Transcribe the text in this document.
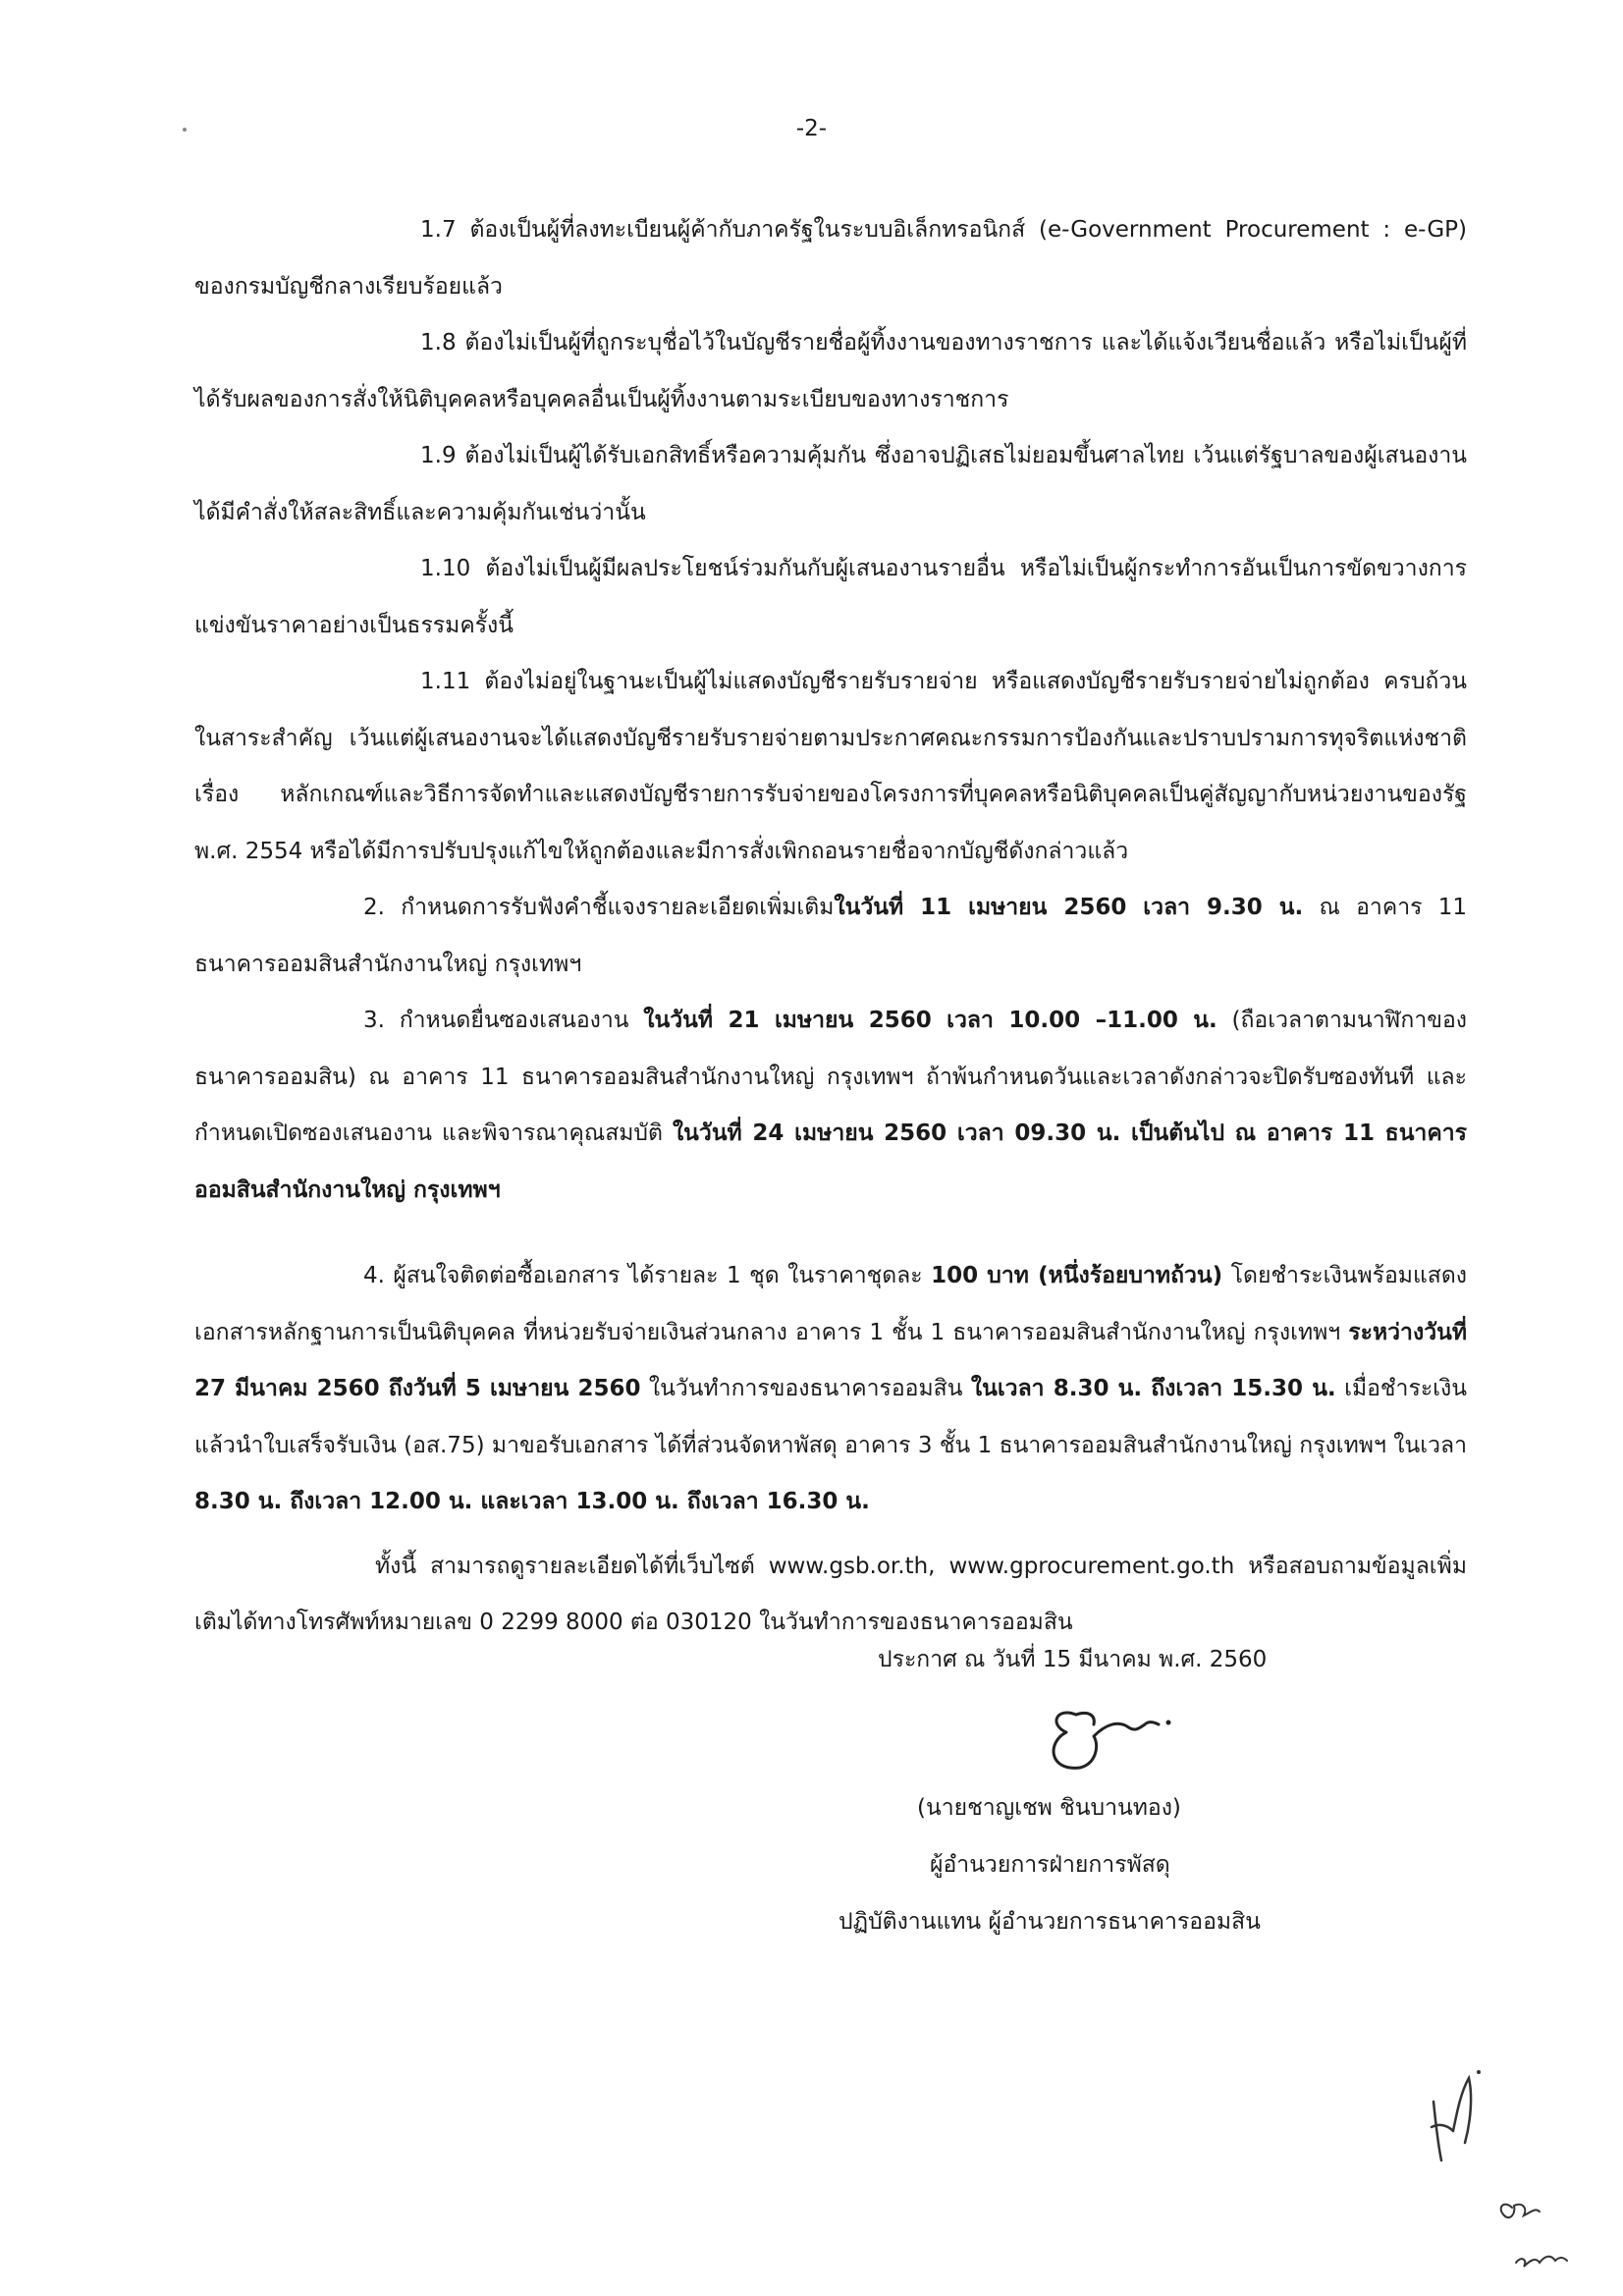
-2-

1.7 ต้องเป็นผู้ที่ลงทะเบียนผู้ค้ากับภาครัฐในระบบอิเล็กทรอนิกส์ (e-Government Procurement : e-GP) ของกรมบัญชีกลางเรียบร้อยแล้ว

1.8 ต้องไม่เป็นผู้ที่ถูกระบุชื่อไว้ในบัญชีรายชื่อผู้ทิ้งงานของทางราชการ และได้แจ้งเวียนชื่อแล้ว หรือไม่เป็นผู้ที่ได้รับผลของการสั่งให้นิติบุคคลหรือบุคคลอื่นเป็นผู้ทิ้งงานตามระเบียบของทางราชการ

1.9 ต้องไม่เป็นผู้ได้รับเอกสิทธิ์หรือความคุ้มกัน ซึ่งอาจปฏิเสธไม่ยอมขึ้นศาลไทย เว้นแต่รัฐบาลของผู้เสนองานได้มีคำสั่งให้สละสิทธิ์และความคุ้มกันเช่นว่านั้น

1.10 ต้องไม่เป็นผู้มีผลประโยชน์ร่วมกันกับผู้เสนองานรายอื่น หรือไม่เป็นผู้กระทำการอันเป็นการขัดขวางการแข่งขันราคาอย่างเป็นธรรมครั้งนี้

1.11 ต้องไม่อยู่ในฐานะเป็นผู้ไม่แสดงบัญชีรายรับรายจ่าย หรือแสดงบัญชีรายรับรายจ่ายไม่ถูกต้อง ครบถ้วนในสาระสำคัญ เว้นแต่ผู้เสนองานจะได้แสดงบัญชีรายรับรายจ่ายตามประกาศคณะกรรมการป้องกันและปราบปรามการทุจริตแห่งชาติ เรื่อง หลักเกณฑ์และวิธีการจัดทำและแสดงบัญชีรายการรับจ่ายของโครงการที่บุคคลหรือนิติบุคคลเป็นคู่สัญญากับหน่วยงานของรัฐ พ.ศ. 2554 หรือได้มีการปรับปรุงแก้ไขให้ถูกต้องและมีการสั่งเพิกถอนรายชื่อจากบัญชีดังกล่าวแล้ว

2. กำหนดการรับฟังคำชี้แจงรายละเอียดเพิ่มเติมในวันที่ 11 เมษายน 2560 เวลา 9.30 น. ณ อาคาร 11 ธนาคารออมสินสำนักงานใหญ่ กรุงเทพฯ

3. กำหนดยื่นซองเสนองาน ในวันที่ 21 เมษายน 2560 เวลา 10.00 –11.00 น. (ถือเวลาตามนาฬิกาของธนาคารออมสิน) ณ อาคาร 11 ธนาคารออมสินสำนักงานใหญ่ กรุงเทพฯ ถ้าพ้นกำหนดวันและเวลาดังกล่าวจะปิดรับซองทันที และกำหนดเปิดซองเสนองาน และพิจารณาคุณสมบัติ ในวันที่ 24 เมษายน 2560 เวลา 09.30 น. เป็นต้นไป ณ อาคาร 11 ธนาคารออมสินสำนักงานใหญ่ กรุงเทพฯ

4. ผู้สนใจติดต่อซื้อเอกสาร ได้รายละ 1 ชุด ในราคาชุดละ 100 บาท (หนึ่งร้อยบาทถ้วน) โดยชำระเงินพร้อมแสดงเอกสารหลักฐานการเป็นนิติบุคคล ที่หน่วยรับจ่ายเงินส่วนกลาง อาคาร 1 ชั้น 1 ธนาคารออมสินสำนักงานใหญ่ กรุงเทพฯ ระหว่างวันที่ 27 มีนาคม 2560 ถึงวันที่ 5 เมษายน 2560 ในวันทำการของธนาคารออมสิน ในเวลา 8.30 น. ถึงเวลา 15.30 น. เมื่อชำระเงินแล้วนำใบเสร็จรับเงิน (อส.75) มาขอรับเอกสาร ได้ที่ส่วนจัดหาพัสดุ อาคาร 3 ชั้น 1 ธนาคารออมสินสำนักงานใหญ่ กรุงเทพฯ ในเวลา 8.30 น. ถึงเวลา 12.00 น. และเวลา 13.00 น. ถึงเวลา 16.30 น.

ทั้งนี้ สามารถดูรายละเอียดได้ที่เว็บไซต์ www.gsb.or.th, www.gprocurement.go.th หรือสอบถามข้อมูลเพิ่มเติมได้ทางโทรศัพท์หมายเลข 0 2299 8000 ต่อ 030120 ในวันทำการของธนาคารออมสิน

ประกาศ ณ วันที่ 15 มีนาคม พ.ศ. 2560
(นายชาญเชพ ชินบานทอง)
ผู้อำนวยการฝ่ายการพัสดุ
ปฏิบัติงานแทน ผู้อำนวยการธนาคารออมสิน
